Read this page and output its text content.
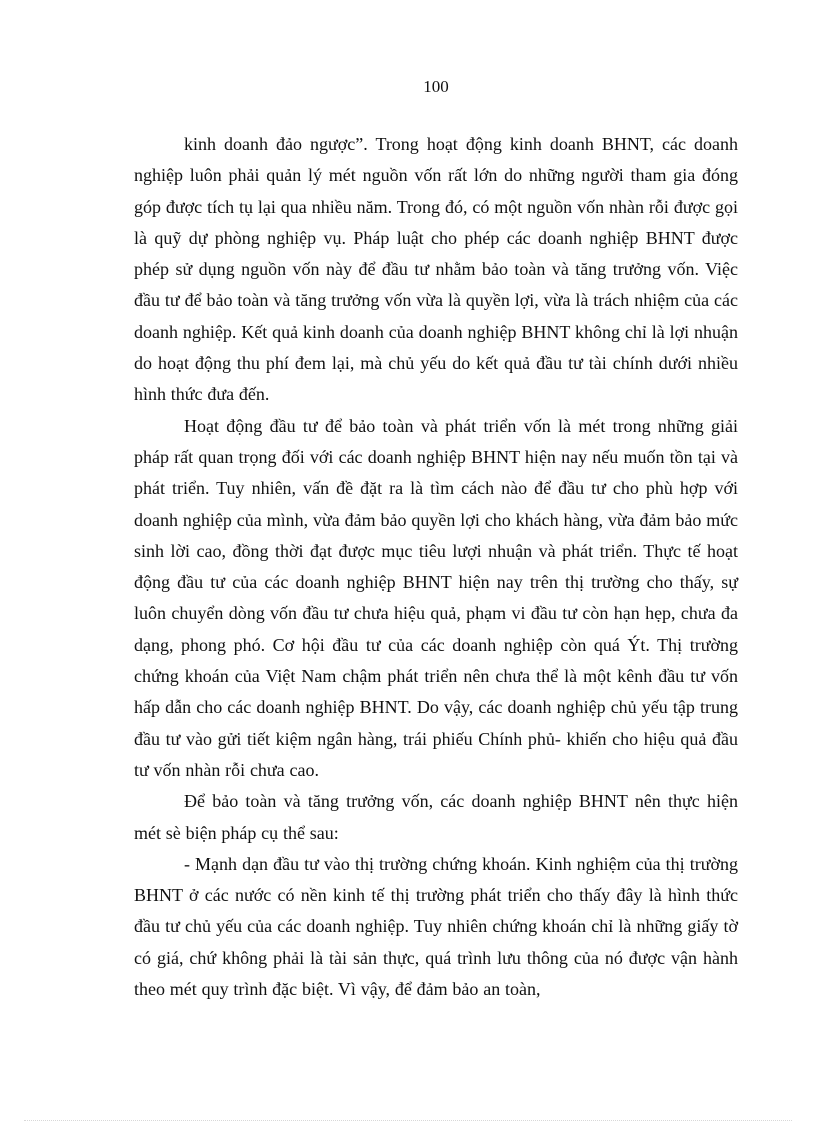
100

kinh doanh đảo ngược”. Trong hoạt động kinh doanh BHNT, các doanh nghiệp luôn phải quản lý mét nguồn vốn rất lớn do những người tham gia đóng góp được tích tụ lại qua nhiều năm. Trong đó, có một nguồn vốn nhàn rỗi được gọi là quỹ dự phòng nghiệp vụ. Pháp luật cho phép các doanh nghiệp BHNT được phép sử dụng nguồn vốn này để đầu tư nhằm bảo toàn và tăng trưởng vốn. Việc đầu tư để bảo toàn và tăng trưởng vốn vừa là quyền lợi, vừa là trách nhiệm của các doanh nghiệp. Kết quả kinh doanh của doanh nghiệp BHNT không chỉ là lợi nhuận do hoạt động thu phí đem lại, mà chủ yếu do kết quả đầu tư tài chính dưới nhiều hình thức đưa đến.

Hoạt động đầu tư để bảo toàn và phát triển vốn là mét trong những giải pháp rất quan trọng đối với các doanh nghiệp BHNT hiện nay nếu muốn tồn tại và phát triển. Tuy nhiên, vấn đề đặt ra là tìm cách nào để đầu tư cho phù hợp với doanh nghiệp của mình, vừa đảm bảo quyền lợi cho khách hàng, vừa đảm bảo mức sinh lời cao, đồng thời đạt được mục tiêu lượi nhuận và phát triển. Thực tế hoạt động đầu tư của các doanh nghiệp BHNT hiện nay trên thị trường cho thấy, sự luôn chuyển dòng vốn đầu tư chưa hiệu quả, phạm vi đầu tư còn hạn hẹp, chưa đa dạng, phong phó. Cơ hội đầu tư của các doanh nghiệp còn quá Ýt. Thị trường chứng khoán của Việt Nam chậm phát triển nên chưa thể là một kênh đầu tư vốn hấp dẫn cho các doanh nghiệp BHNT. Do vậy, các doanh nghiệp chủ yếu tập trung đầu tư vào gửi tiết kiệm ngân hàng, trái phiếu Chính phủ- khiến cho hiệu quả đầu tư vốn nhàn rỗi chưa cao.

Để bảo toàn và tăng trưởng vốn, các doanh nghiệp BHNT nên thực hiện mét sè biện pháp cụ thể sau:

- Mạnh dạn đầu tư vào thị trường chứng khoán. Kinh nghiệm của thị trường BHNT ở các nước có nền kinh tế thị trường phát triển cho thấy đây là hình thức đầu tư chủ yếu của các doanh nghiệp. Tuy nhiên chứng khoán chỉ là những giấy tờ có giá, chứ không phải là tài sản thực, quá trình lưu thông của nó được vận hành theo mét quy trình đặc biệt. Vì vậy, để đảm bảo an toàn,
